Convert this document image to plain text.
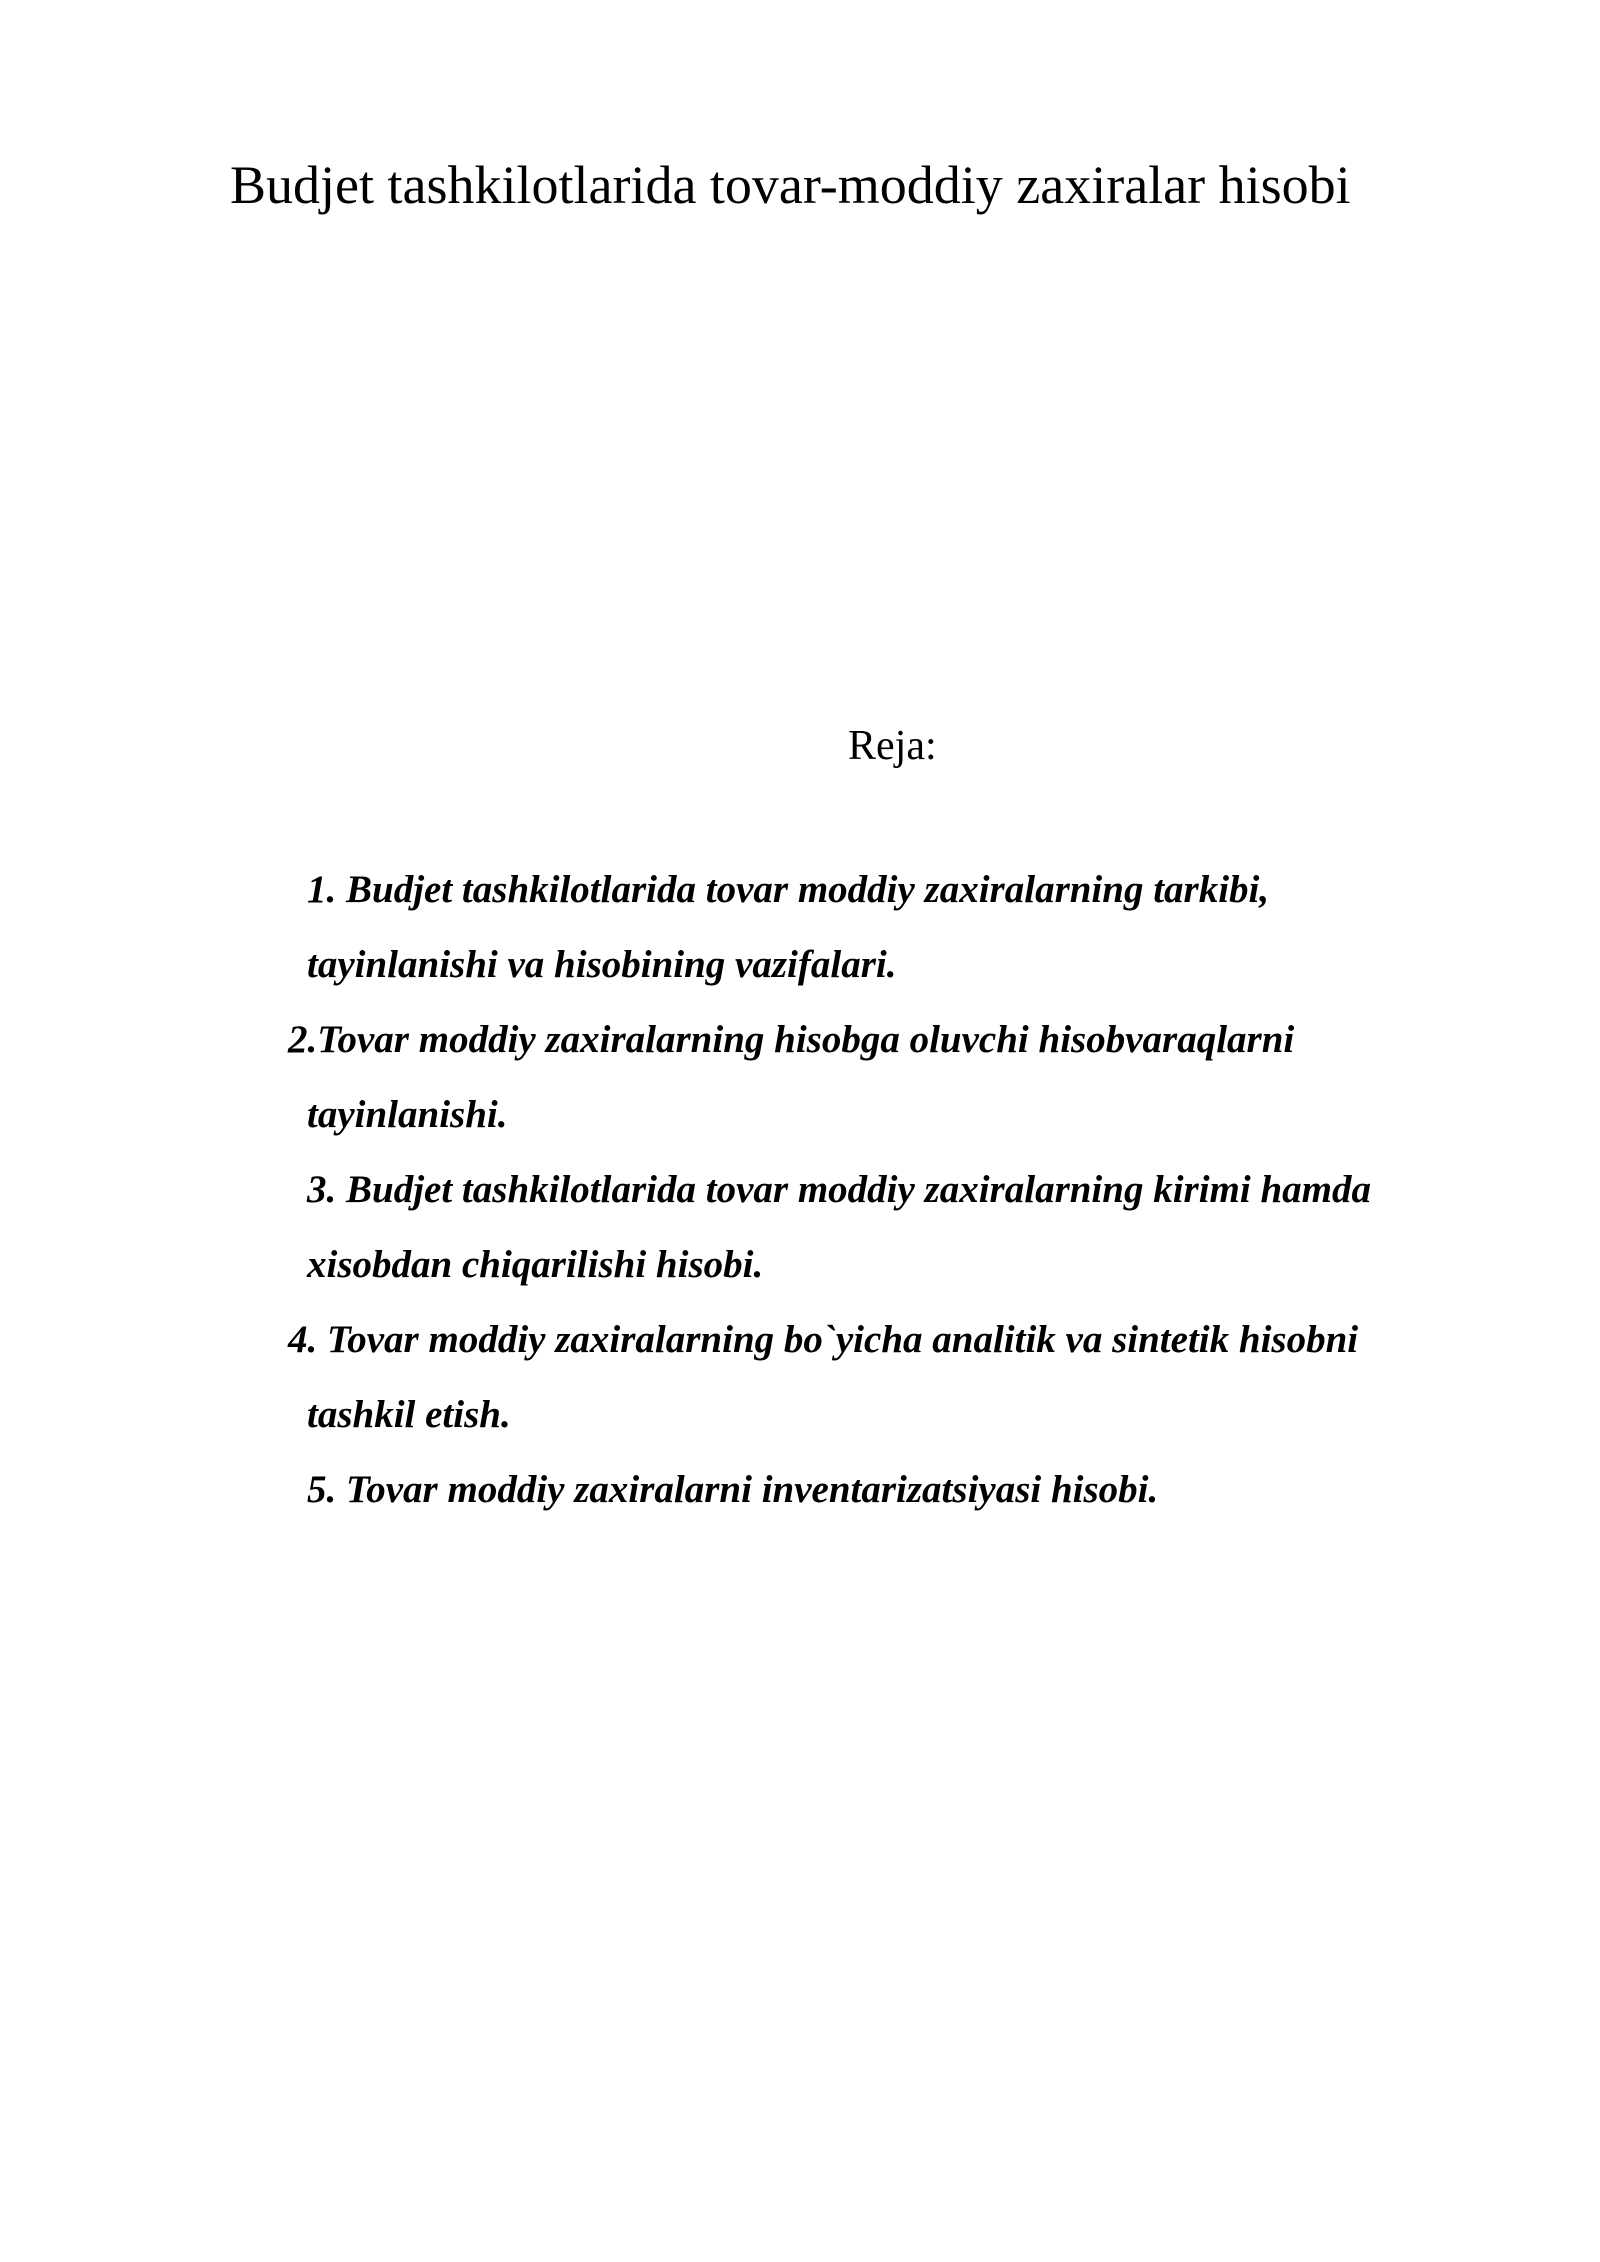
Budjet tashkilotlarida tovar-moddiy zaxiralar hisobi
Reja:

1. Budjet tashkilotlarida tovar moddiy zaxiralarning tarkibi,

tayinlanishi va hisobining vazifalari.

2.Tovar moddiy zaxiralarning hisobga oluvchi hisobvaraqlarni

tayinlanishi.

3. Budjet tashkilotlarida tovar moddiy zaxiralarning kirimi hamda

xisobdan chiqarilishi hisobi.

4. Tovar moddiy zaxiralarning bo`yicha analitik va sintetik hisobni

tashkil etish.

5. Tovar moddiy zaxiralarni inventarizatsiyasi hisobi.
